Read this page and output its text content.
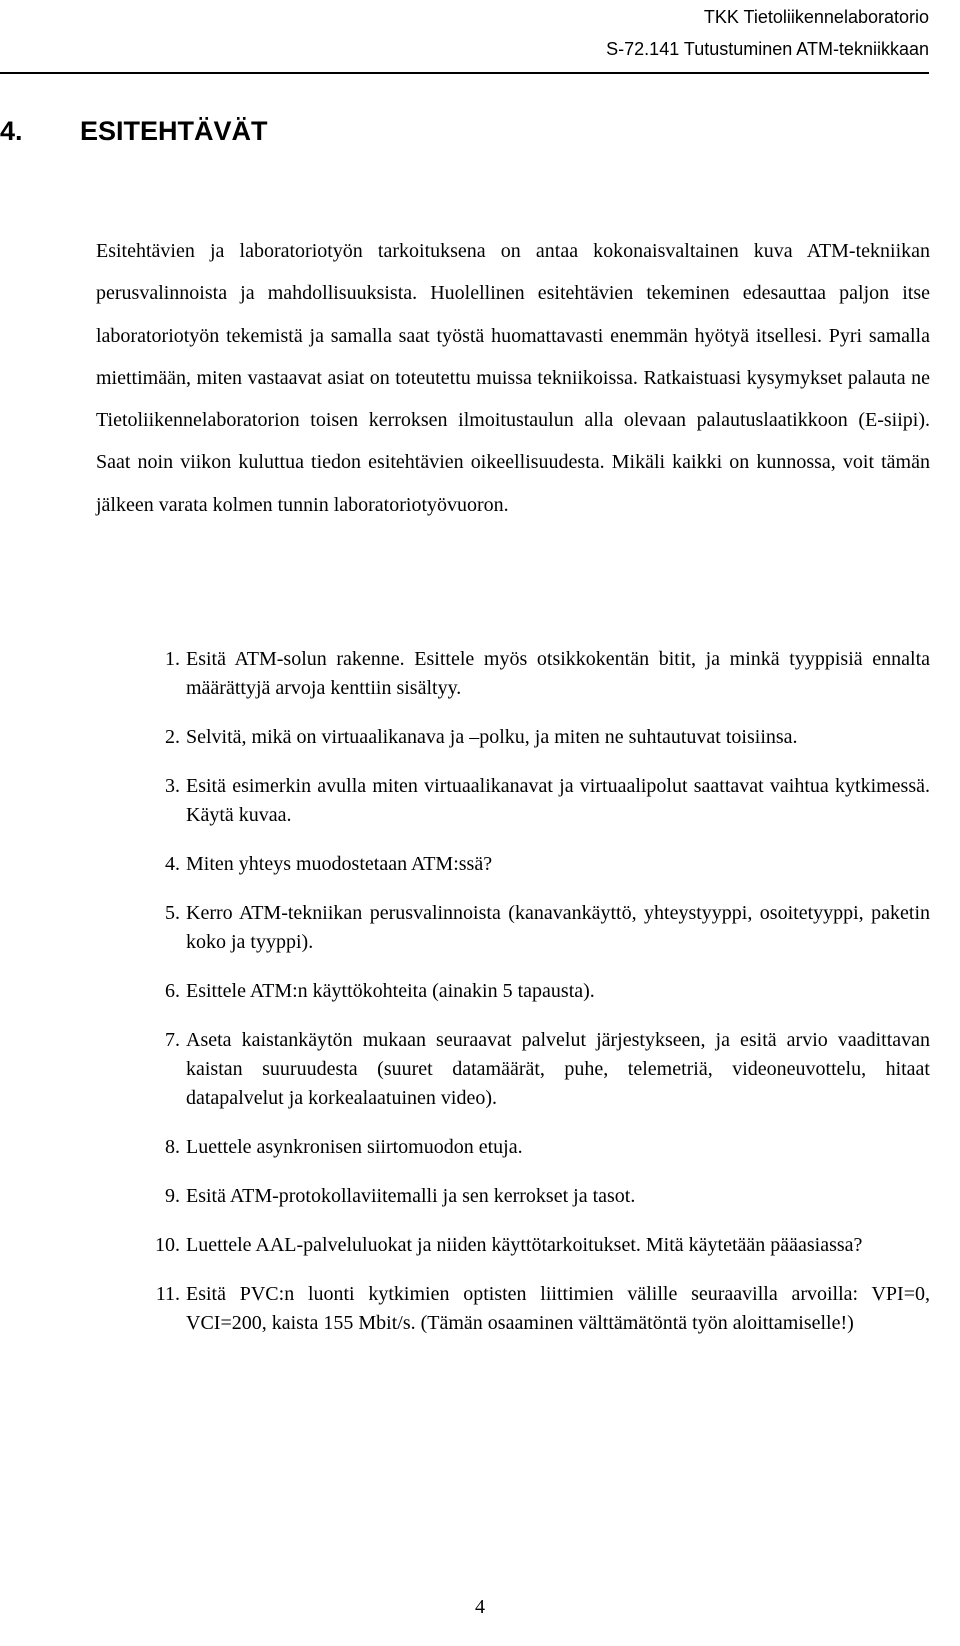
TKK Tietoliikennelaboratorio
S-72.141 Tutustuminen ATM-tekniikkaan
4. ESITEHTÄVÄT

Esitehtävien ja laboratoriotyön tarkoituksena on antaa kokonaisvaltainen kuva ATM-tekniikan perusvalinnoista ja mahdollisuuksista. Huolellinen esitehtävien tekeminen edesauttaa paljon itse laboratoriotyön tekemistä ja samalla saat työstä huomattavasti enemmän hyötyä itsellesi. Pyri samalla miettimään, miten vastaavat asiat on toteutettu muissa tekniikoissa. Ratkaistuasi kysymykset palauta ne Tietoliikennelaboratorion toisen kerroksen ilmoitustaulun alla olevaan palautuslaatikkoon (E-siipi). Saat noin viikon kuluttua tiedon esitehtävien oikeellisuudesta. Mikäli kaikki on kunnossa, voit tämän jälkeen varata kolmen tunnin laboratoriotyövuoron.

1. Esitä ATM-solun rakenne. Esittele myös otsikkokentän bitit, ja minkä tyyppisiä ennalta määrättyjä arvoja kenttiin sisältyy.
2. Selvitä, mikä on virtuaalikanava ja –polku, ja miten ne suhtautuvat toisiinsa.
3. Esitä esimerkin avulla miten virtuaalikanavat ja virtuaalipolut saattavat vaihtua kytkimessä. Käytä kuvaa.
4. Miten yhteys muodostetaan ATM:ssä?
5. Kerro ATM-tekniikan perusvalinnoista (kanavankäyttö, yhteystyyppi, osoitetyyppi, paketin koko ja tyyppi).
6. Esittele ATM:n käyttökohteita (ainakin 5 tapausta).
7. Aseta kaistankäytön mukaan seuraavat palvelut järjestykseen, ja esitä arvio vaadittavan kaistan suuruudesta (suuret datamäärät, puhe, telemetriä, videoneuvottelu, hitaat datapalvelut ja korkealaatuinen video).
8. Luettele asynkronisen siirtomuodon etuja.
9. Esitä ATM-protokollaviitemalli ja sen kerrokset ja tasot.
10. Luettele AAL-palveluluokat ja niiden käyttötarkoitukset. Mitä käytetään pääasiassa?
11. Esitä PVC:n luonti kytkimien optisten liittimien välille seuraavilla arvoilla: VPI=0, VCI=200, kaista 155 Mbit/s. (Tämän osaaminen välttämätöntä työn aloittamiselle!)
4
